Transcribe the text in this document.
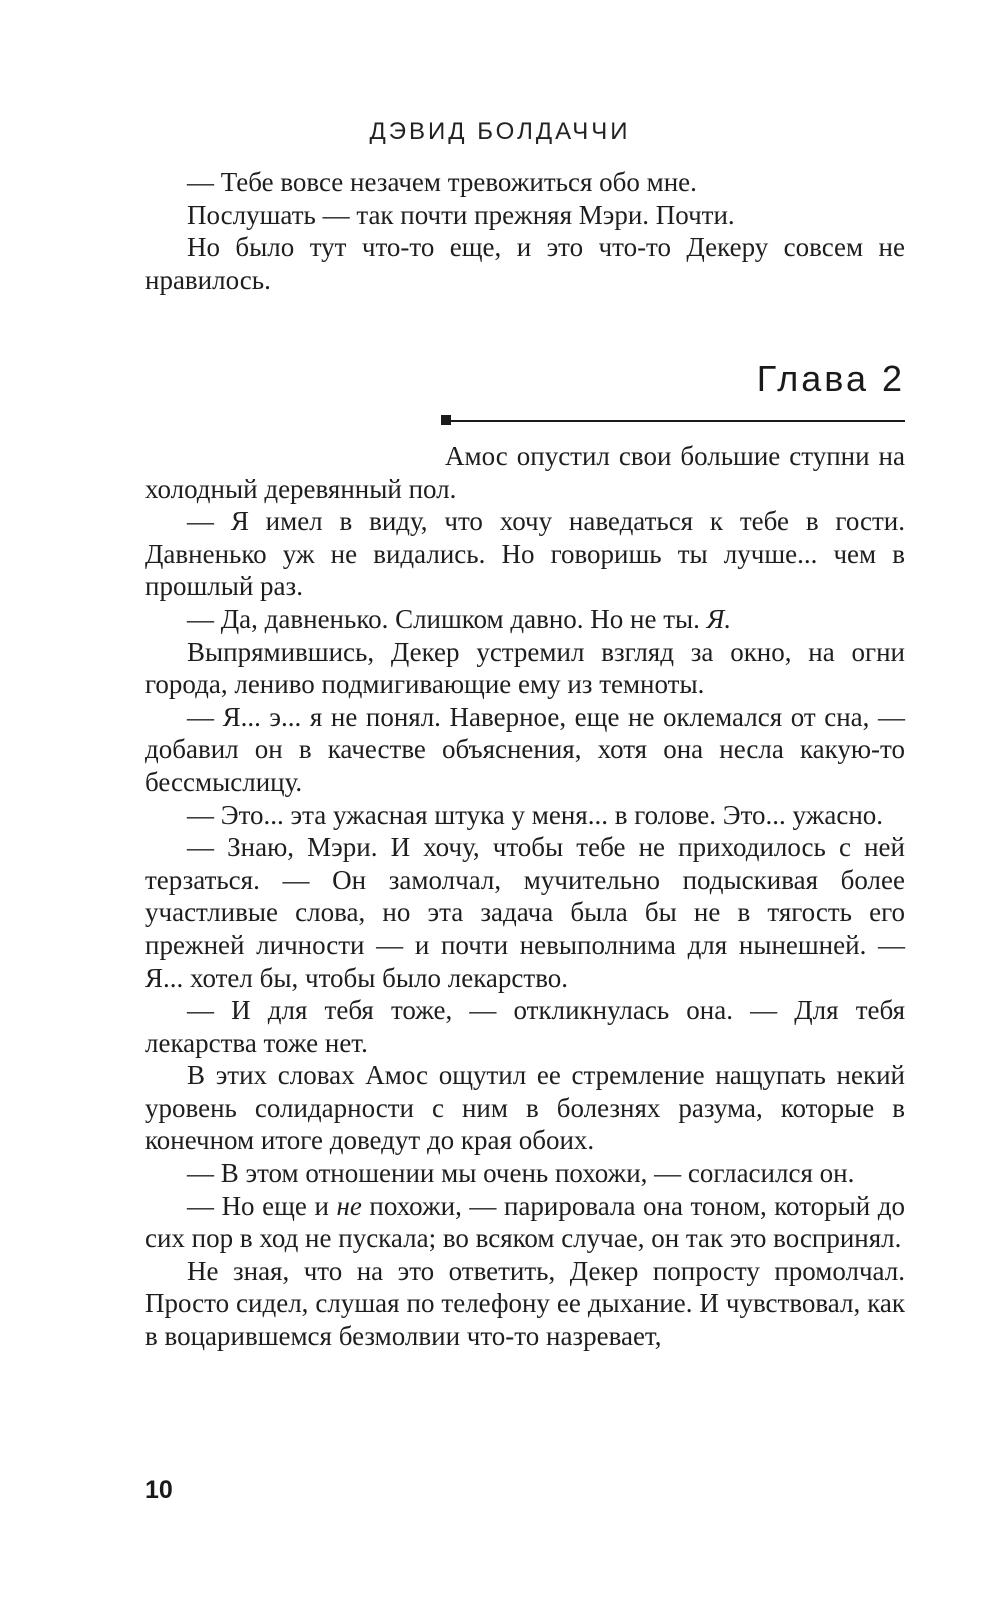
ДЭВИД БОЛДАЧЧИ

— Тебе вовсе незачем тревожиться обо мне.

Послушать — так почти прежняя Мэри. Почти.

Но было тут что-то еще, и это что-то Декеру совсем не нравилось.

Глава 2

Амос опустил свои большие ступни на холодный деревянный пол.

— Я имел в виду, что хочу наведаться к тебе в гости. Давненько уж не видались. Но говоришь ты лучше... чем в прошлый раз.

— Да, давненько. Слишком давно. Но не ты. Я.

Выпрямившись, Декер устремил взгляд за окно, на огни города, лениво подмигивающие ему из темноты.

— Я... э... я не понял. Наверное, еще не оклемался от сна, — добавил он в качестве объяснения, хотя она несла какую-то бессмыслицу.

— Это... эта ужасная штука у меня... в голове. Это... ужасно.

— Знаю, Мэри. И хочу, чтобы тебе не приходилось с ней терзаться. — Он замолчал, мучительно подыскивая более участливые слова, но эта задача была бы не в тягость его прежней личности — и почти невыполнима для нынешней. — Я... хотел бы, чтобы было лекарство.

— И для тебя тоже, — откликнулась она. — Для тебя лекарства тоже нет.

В этих словах Амос ощутил ее стремление нащупать некий уровень солидарности с ним в болезнях разума, которые в конечном итоге доведут до края обоих.

— В этом отношении мы очень похожи, — согласился он.

— Но еще и не похожи, — парировала она тоном, который до сих пор в ход не пускала; во всяком случае, он так это воспринял.

Не зная, что на это ответить, Декер попросту промолчал. Просто сидел, слушая по телефону ее дыхание. И чувствовал, как в воцарившемся безмолвии что-то назревает,

10
